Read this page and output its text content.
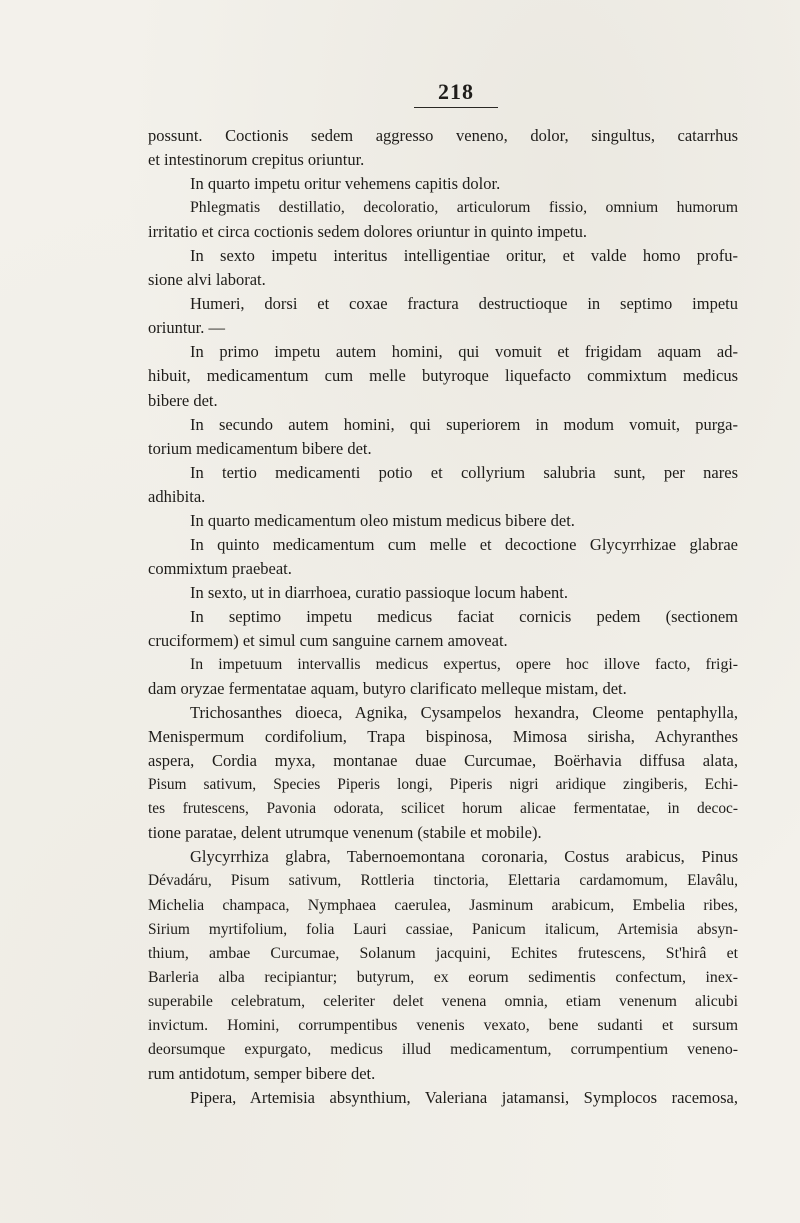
218
possunt. Coctionis sedem aggresso veneno, dolor, singultus, catarrhus
et intestinorum crepitus oriuntur.
In quarto impetu oritur vehemens capitis dolor.
Phlegmatis destillatio, decoloratio, articulorum fissio, omnium humorum
irritatio et circa coctionis sedem dolores oriuntur in quinto impetu.
In sexto impetu interitus intelligentiae oritur, et valde homo profu-
sione alvi laborat.
Humeri, dorsi et coxae fractura destructioque in septimo impetu
oriuntur. —
In primo impetu autem homini, qui vomuit et frigidam aquam ad-
hibuit, medicamentum cum melle butyroque liquefacto commixtum medicus
bibere det.
In secundo autem homini, qui superiorem in modum vomuit, purga-
torium medicamentum bibere det.
In tertio medicamenti potio et collyrium salubria sunt, per nares
adhibita.
In quarto medicamentum oleo mistum medicus bibere det.
In quinto medicamentum cum melle et decoctione Glycyrrhizae glabrae
commixtum praebeat.
In sexto, ut in diarrhoea, curatio passioque locum habent.
In septimo impetu medicus faciat cornicis pedem (sectionem
cruciformem) et simul cum sanguine carnem amoveat.
In impetuum intervallis medicus expertus, opere hoc illove facto, frigi-
dam oryzae fermentatae aquam, butyro clarificato melleque mistam, det.
Trichosanthes dioeca, Agnika, Cysampelos hexandra, Cleome pentaphylla,
Menispermum cordifolium, Trapa bispinosa, Mimosa sirisha, Achyranthes
aspera, Cordia myxa, montanae duae Curcumae, Boërhavia diffusa alata,
Pisum sativum, Species Piperis longi, Piperis nigri aridique zingiberis, Echi-
tes frutescens, Pavonia odorata, scilicet horum alicae fermentatae, in decoc-
tione paratae, delent utrumque venenum (stabile et mobile).
Glycyrrhiza glabra, Tabernoemontana coronaria, Costus arabicus, Pinus
Dévadáru, Pisum sativum, Rottleria tinctoria, Elettaria cardamomum, Elavâlu,
Michelia champaca, Nymphaea caerulea, Jasminum arabicum, Embelia ribes,
Sirium myrtifolium, folia Lauri cassiae, Panicum italicum, Artemisia absyn-
thium, ambae Curcumae, Solanum jacquini, Echites frutescens, St'hirâ et
Barleria alba recipiantur; butyrum, ex eorum sedimentis confectum, inex-
superabile celebratum, celeriter delet venena omnia, etiam venenum alicubi
invictum. Homini, corrumpentibus venenis vexato, bene sudanti et sursum
deorsumque expurgato, medicus illud medicamentum, corrumpentium veneno-
rum antidotum, semper bibere det.
Pipera, Artemisia absynthium, Valeriana jatamansi, Symplocos racemosa,
